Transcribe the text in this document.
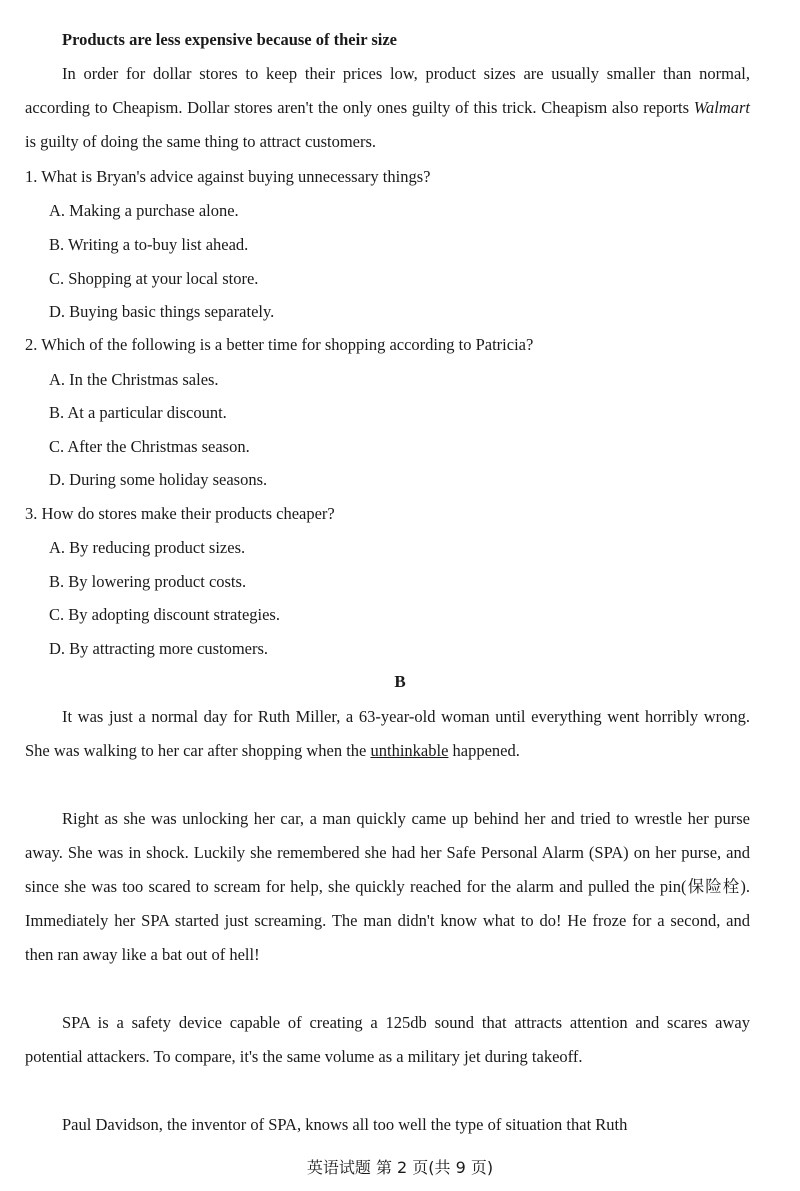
Products are less expensive because of their size

In order for dollar stores to keep their prices low, product sizes are usually smaller than normal, according to Cheapism. Dollar stores aren't the only ones guilty of this trick. Cheapism also reports Walmart is guilty of doing the same thing to attract customers.

1. What is Bryan's advice against buying unnecessary things?

A. Making a purchase alone.

B. Writing a to-buy list ahead.

C. Shopping at your local store.

D. Buying basic things separately.

2. Which of the following is a better time for shopping according to Patricia?

A. In the Christmas sales.

B. At a particular discount.

C. After the Christmas season.

D. During some holiday seasons.

3. How do stores make their products cheaper?

A. By reducing product sizes.

B. By lowering product costs.

C. By adopting discount strategies.

D. By attracting more customers.

B

It was just a normal day for Ruth Miller, a 63-year-old woman until everything went horribly wrong. She was walking to her car after shopping when the unthinkable happened.

Right as she was unlocking her car, a man quickly came up behind her and tried to wrestle her purse away. She was in shock. Luckily she remembered she had her Safe Personal Alarm (SPA) on her purse, and since she was too scared to scream for help, she quickly reached for the alarm and pulled the pin(保险栓). Immediately her SPA started just screaming. The man didn't know what to do! He froze for a second, and then ran away like a bat out of hell!

SPA is a safety device capable of creating a 125db sound that attracts attention and scares away potential attackers. To compare, it's the same volume as a military jet during takeoff.

Paul Davidson, the inventor of SPA, knows all too well the type of situation that Ruth

英语试题 第 2 页(共 9 页)
